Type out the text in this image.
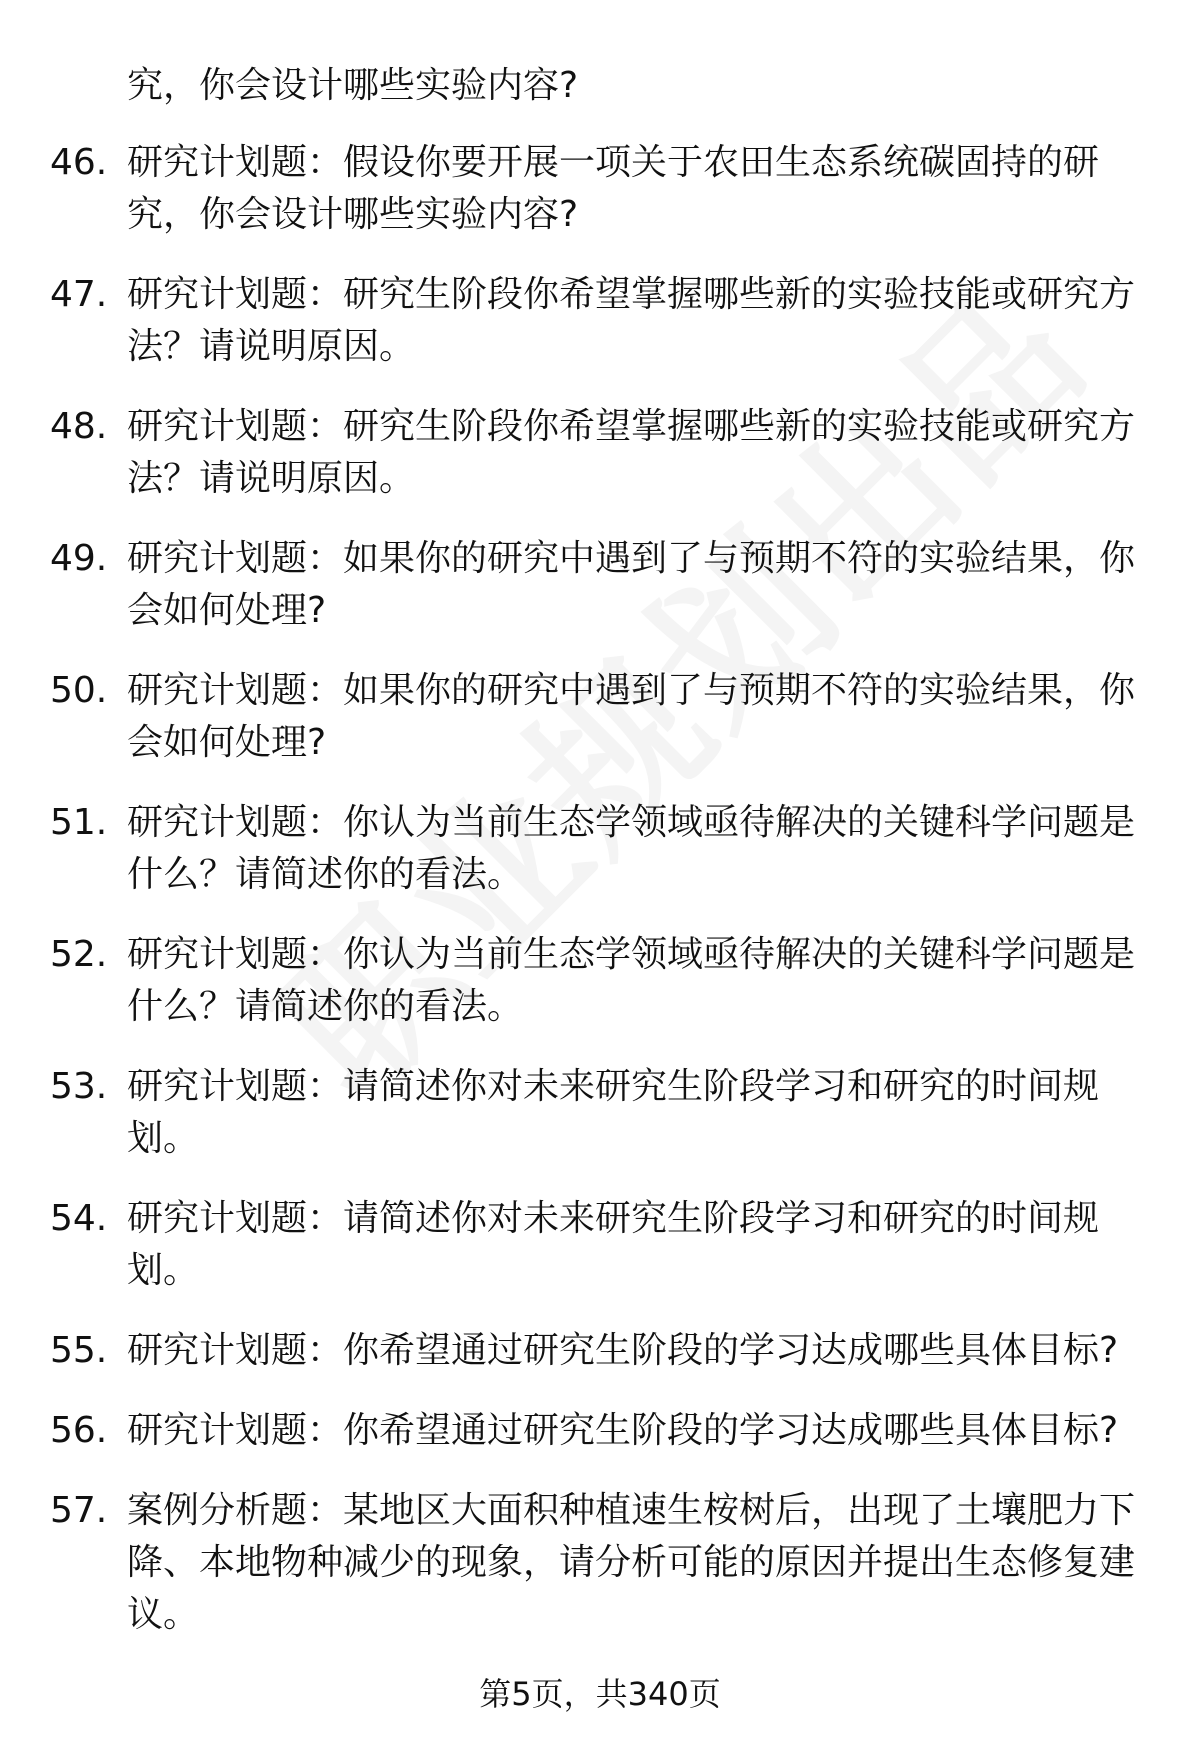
究，你会设计哪些实验内容?
46. 研究计划题：假设你要开展一项关于农田生态系统碳固持的研究，你会设计哪些实验内容?
47. 研究计划题：研究生阶段你希望掌握哪些新的实验技能或研究方法？请说明原因。
48. 研究计划题：研究生阶段你希望掌握哪些新的实验技能或研究方法？请说明原因。
49. 研究计划题：如果你的研究中遇到了与预期不符的实验结果，你会如何处理?
50. 研究计划题：如果你的研究中遇到了与预期不符的实验结果，你会如何处理?
51. 研究计划题：你认为当前生态学领域亟待解决的关键科学问题是什么？请简述你的看法。
52. 研究计划题：你认为当前生态学领域亟待解决的关键科学问题是什么？请简述你的看法。
53. 研究计划题：请简述你对未来研究生阶段学习和研究的时间规划。
54. 研究计划题：请简述你对未来研究生阶段学习和研究的时间规划。
55. 研究计划题：你希望通过研究生阶段的学习达成哪些具体目标?
56. 研究计划题：你希望通过研究生阶段的学习达成哪些具体目标?
57. 案例分析题：某地区大面积种植速生桉树后，出现了土壤肥力下降、本地物种减少的现象，请分析可能的原因并提出生态修复建议。
第5页，共340页
